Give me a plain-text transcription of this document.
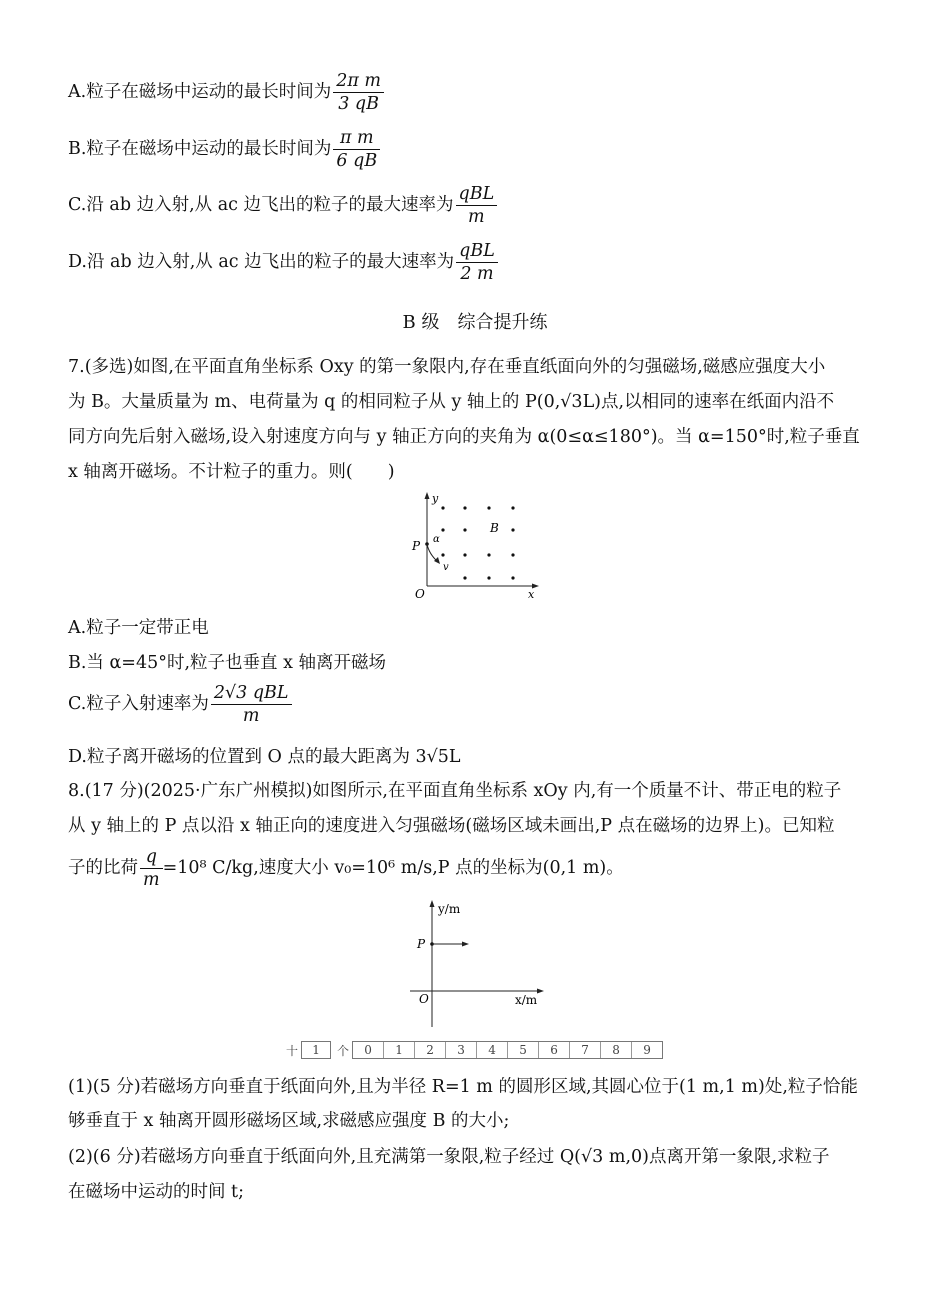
A.粒子在磁场中运动的最长时间为 $\frac{\text{2π m}}{3 qB}$
B.粒子在磁场中运动的最长时间为 $\frac{\text{π m}}{6 qB}$
C.沿 ab 边入射,从 ac 边飞出的粒子的最大速率为 $\frac{\text{qBL}}{m}$
D.沿 ab 边入射,从 ac 边飞出的粒子的最大速率为 $\frac{\text{qBL}}{2 m}$
B 级　综合提升练
7.(多选)如图,在平面直角坐标系 Oxy 的第一象限内,存在垂直纸面向外的匀强磁场,磁感应强度大小
为 B。大量质量为 m、电荷量为 q 的相同粒子从 y 轴上的 P(0,√3L)点,以相同的速率在纸面内沿不
同方向先后射入磁场,设入射速度方向与 y 轴正方向的夹角为 α(0≤α≤180°)。当 α=150°时,粒子垂直
x 轴离开磁场。不计粒子的重力。则(　　)
y
x
O
P
B
α
v
A.粒子一定带正电
B.当 α=45°时,粒子也垂直 x 轴离开磁场
C.粒子入射速率为 $\frac{\text{2√3 qBL}}{m}$
D.粒子离开磁场的位置到 O 点的最大距离为 3√5L
8.(17 分)(2025·广东广州模拟)如图所示,在平面直角坐标系 xOy 内,有一个质量不计、带正电的粒子
从 y 轴上的 P 点以沿 x 轴正向的速度进入匀强磁场(磁场区域未画出,P 点在磁场的边界上)。已知粒
子的比荷 $\frac{q}{m} =10^8$ C/kg,速度大小 v₀=10⁶ m/s,P 点的坐标为(0,1 m)。
y/m
x/m
O
P
十	1	个	0	1	2	3	4	5	6	7	8	9
(1)(5 分)若磁场方向垂直于纸面向外,且为半径 R=1 m 的圆形区域,其圆心位于(1 m,1 m)处,粒子恰能
够垂直于 x 轴离开圆形磁场区域,求磁感应强度 B 的大小;
(2)(6 分)若磁场方向垂直于纸面向外,且充满第一象限,粒子经过 Q(√3 m,0)点离开第一象限,求粒子
在磁场中运动的时间 t;
